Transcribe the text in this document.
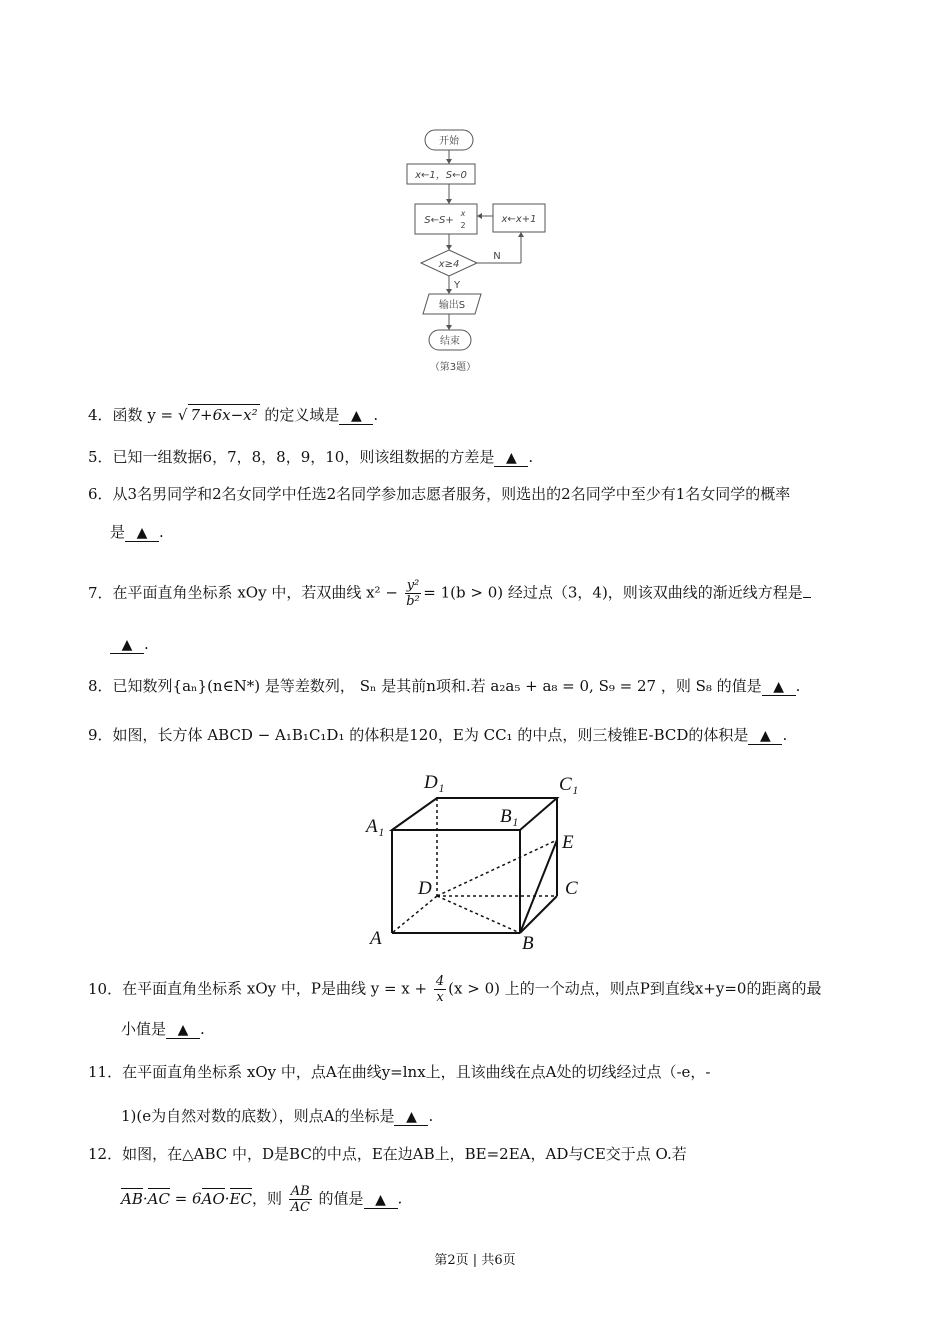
开始
x←1，S←0
S←S+
x
2
x←x+1
x≥4
N
Y
输出S
结束
（第3题）
4．函数 y = √ 7+6x−x² 的定义域是 ▲ .
5．已知一组数据6，7，8，8，9，10，则该组数据的方差是 ▲ .
6．从3名男同学和2名女同学中任选2名同学参加志愿者服务，则选出的2名同学中至少有1名女同学的概率
是 ▲ .
7．在平面直角坐标系 xOy 中，若双曲线 $x^2 - \frac{\text{y²}}{\text{b²}} = 1(b > 0)$ 经过点（3，4)，则该双曲线的渐近线方程是
▲ .
8．已知数列{aₙ}(n∈N*) 是等差数列， Sₙ 是其前n项和.若 a₂a₅ + a₈ = 0, S₉ = 27 ，则 S₈ 的值是 ▲ .
9．如图，长方体 ABCD − A₁B₁C₁D₁ 的体积是120，E为 CC₁ 的中点，则三棱锥E-BCD的体积是 ▲ .
D₁	C₁
A₁	B₁
E
D	C
A	B
10．在平面直角坐标系 xOy 中，P是曲线 $y = x + \frac{4}{x} (x > 0)$ 上的一个动点，则点P到直线x+y=0的距离的最
小值是 ▲ .
11．在平面直角坐标系 xOy 中，点A在曲线y=lnx上，且该曲线在点A处的切线经过点（-e，-
1)(e为自然对数的底数），则点A的坐标是 ▲ .
12．如图，在△ABC 中，D是BC的中点，E在边AB上，BE=2EA，AD与CE交于点 O.若
AB·AC = 6AO·EC，则 $\frac{AB}{AC}$ 的值是 ▲ .
第2页 | 共6页
